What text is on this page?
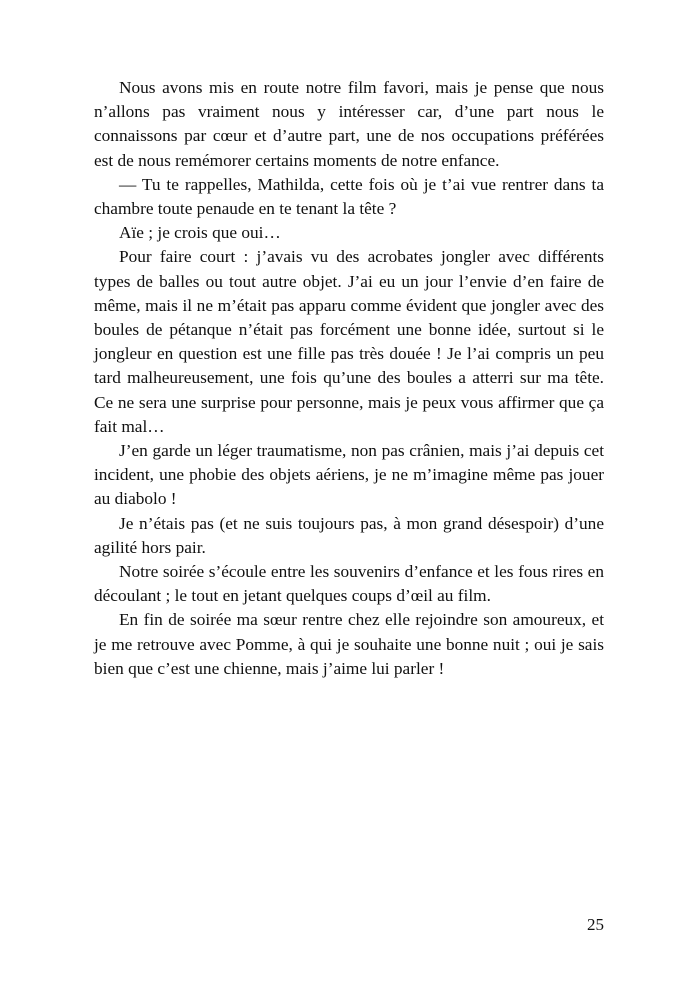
Nous avons mis en route notre film favori, mais je pense que nous n’allons pas vraiment nous y intéresser car, d’une part nous le connaissons par cœur et d’autre part, une de nos occupations préférées est de nous remémorer certains moments de notre enfance.

— Tu te rappelles, Mathilda, cette fois où je t’ai vue rentrer dans ta chambre toute penaude en te tenant la tête ?

Aïe ; je crois que oui…

Pour faire court : j’avais vu des acrobates jongler avec différents types de balles ou tout autre objet. J’ai eu un jour l’envie d’en faire de même, mais il ne m’était pas apparu comme évident que jongler avec des boules de pétanque n’était pas forcément une bonne idée, surtout si le jongleur en question est une fille pas très douée ! Je l’ai compris un peu tard malheureusement, une fois qu’une des boules a atterri sur ma tête. Ce ne sera une surprise pour personne, mais je peux vous affirmer que ça fait mal…

J’en garde un léger traumatisme, non pas crânien, mais j’ai depuis cet incident, une phobie des objets aériens, je ne m’imagine même pas jouer au diabolo !

Je n’étais pas (et ne suis toujours pas, à mon grand désespoir) d’une agilité hors pair.

Notre soirée s’écoule entre les souvenirs d’enfance et les fous rires en découlant ; le tout en jetant quelques coups d’œil au film.

En fin de soirée ma sœur rentre chez elle rejoindre son amoureux, et je me retrouve avec Pomme, à qui je souhaite une bonne nuit ; oui je sais bien que c’est une chienne, mais j’aime lui parler !

25
